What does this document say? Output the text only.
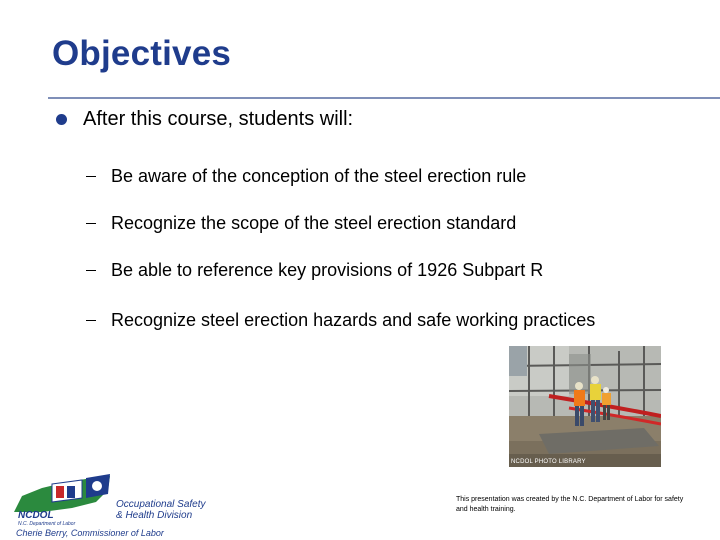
Objectives
After this course, students will:
Be aware of the conception of the steel erection rule
Recognize the scope of the steel erection standard
Be able to reference key provisions of 1926 Subpart R
Recognize steel erection hazards and safe working practices
NCDOL PHOTO LIBRARY
NCDOL
N.C. Department of Labor
Occupational Safety
& Health Division
Cherie Berry, Commissioner of Labor
This presentation was created by the N.C. Department of Labor for safety and health training.
